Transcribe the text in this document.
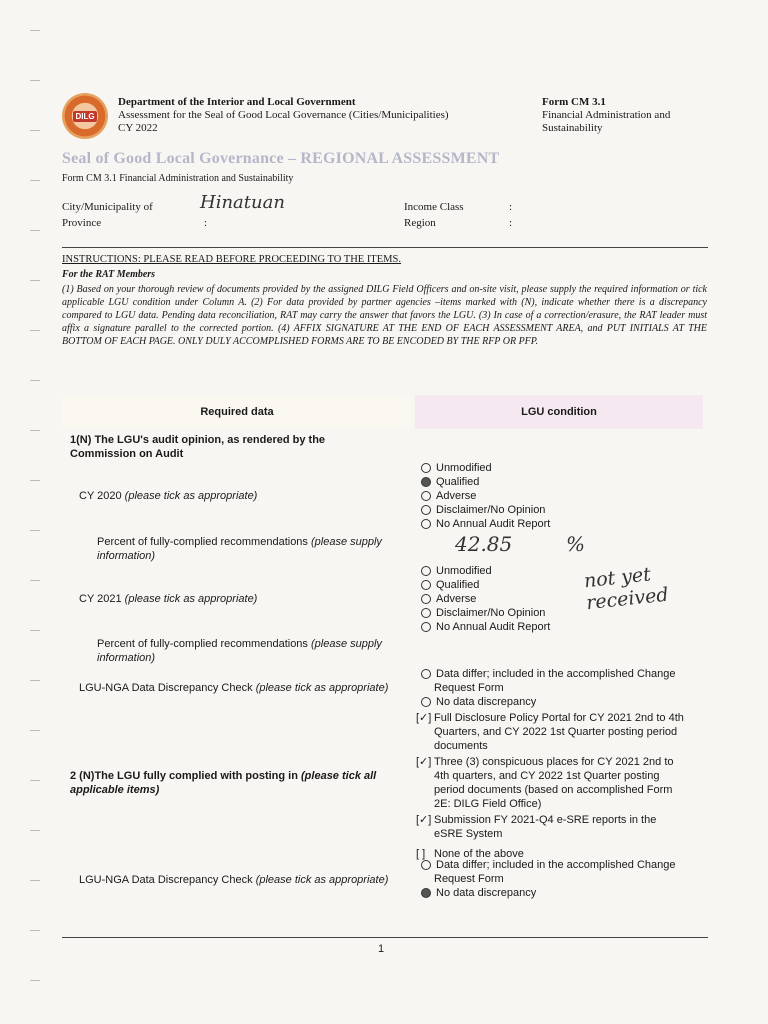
DILG
Department of the Interior and Local Government
Assessment for the Seal of Good Local Governance (Cities/Municipalities)
CY 2022
Form CM 3.1
Financial Administration and
Sustainability
Seal of Good Local Governance – REGIONAL ASSESSMENT
Form CM 3.1 Financial Administration and Sustainability
City/Municipality of	Hinatuan
Province	:
Income Class	:
Region	:
INSTRUCTIONS: PLEASE READ BEFORE PROCEEDING TO THE ITEMS.
For the RAT Members
(1) Based on your thorough review of documents provided by the assigned DILG Field Officers and on-site visit, please supply the required information or tick applicable LGU condition under Column A. (2) For data provided by partner agencies –items marked with (N), indicate whether there is a discrepancy compared to LGU data. Pending data reconciliation, RAT may carry the answer that favors the LGU. (3) In case of a correction/erasure, the RAT leader must affix a signature parallel to the corrected portion. (4) AFFIX SIGNATURE AT THE END OF EACH ASSESSMENT AREA, and PUT INITIALS AT THE BOTTOM OF EACH PAGE. ONLY DULY ACCOMPLISHED FORMS ARE TO BE ENCODED BY THE RFP OR PFP.
Required data	LGU condition
1(N) The LGU's audit opinion, as rendered by the
Commission on Audit
CY 2020 (please tick as appropriate)
Unmodified
Qualified
Adverse
Disclaimer/No Opinion
No Annual Audit Report
Percent of fully-complied recommendations (please supply
information)	42.85	%
CY 2021 (please tick as appropriate)
Unmodified
Qualified
Adverse
Disclaimer/No Opinion
No Annual Audit Report
not yet
received
Percent of fully-complied recommendations (please supply
information)
LGU-NGA Data Discrepancy Check (please tick as appropriate)
Data differ; included in the accomplished Change
Request Form
No data discrepancy
2 (N)The LGU fully complied with posting in (please tick all
applicable items)
[✓] Full Disclosure Policy Portal for CY 2021 2nd to 4th
Quarters, and CY 2022 1st Quarter posting period
documents
[✓] Three (3) conspicuous places for CY 2021 2nd to
4th quarters, and CY 2022 1st Quarter posting
period documents (based on accomplished Form
2E: DILG Field Office)
[✓] Submission FY 2021-Q4 e-SRE reports in the
eSRE System
[ ] None of the above
LGU-NGA Data Discrepancy Check (please tick as appropriate)
Data differ; included in the accomplished Change
Request Form
No data discrepancy
1
